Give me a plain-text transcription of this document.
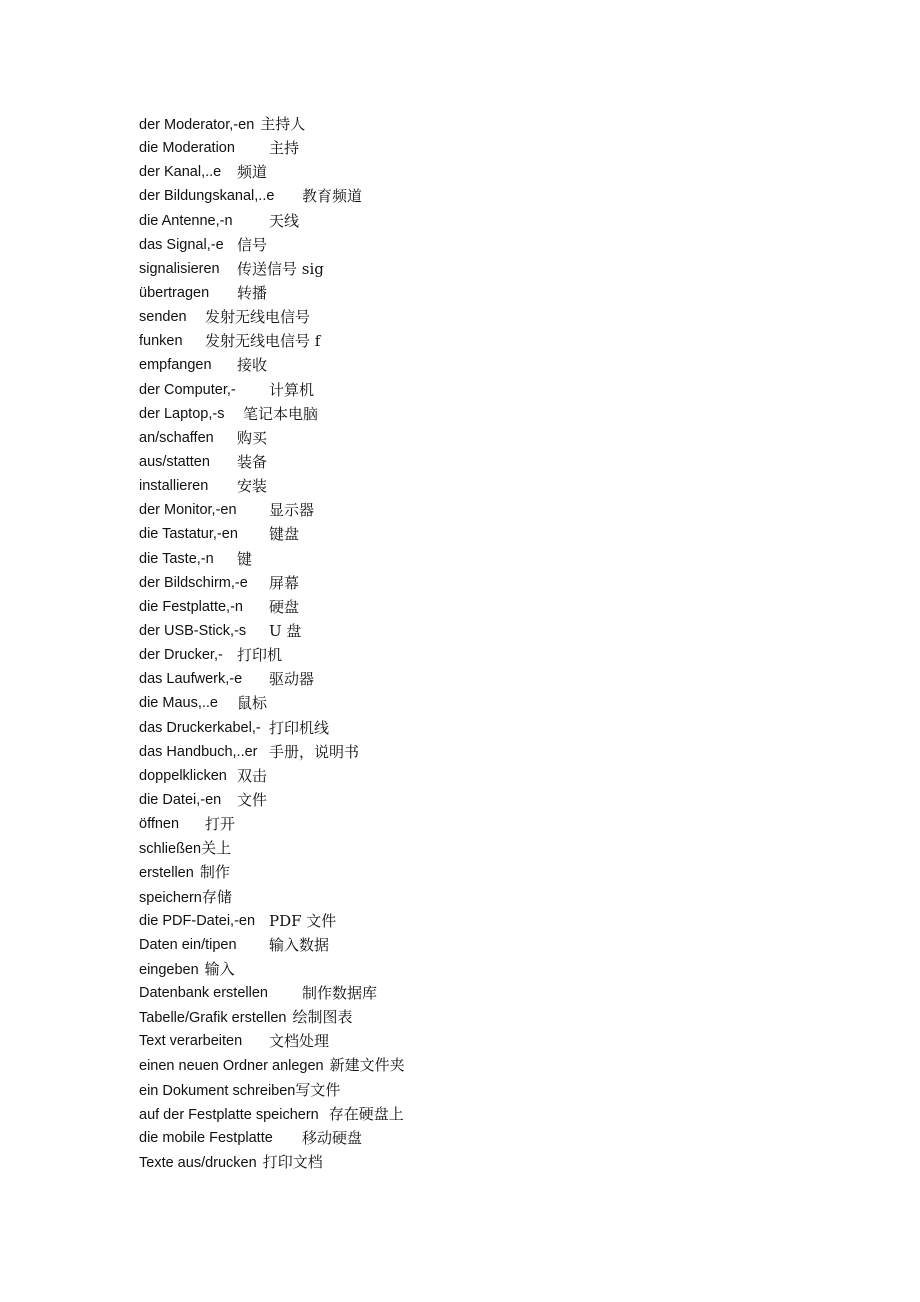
der Moderator,-en 主持人
die Moderation 主持
der Kanal,..e 频道
der Bildungskanal,..e 教育频道
die Antenne,-n 天线
das Signal,-e 信号
signalisieren 传送信号 sig
übertragen 转播
senden 发射无线电信号
funken 发射无线电信号 f
empfangen 接收
der Computer,- 计算机
der Laptop,-s 笔记本电脑
an/schaffen 购买
aus/statten 装备
installieren 安装
der Monitor,-en 显示器
die Tastatur,-en 键盘
die Taste,-n 键
der Bildschirm,-e 屏幕
die Festplatte,-n 硬盘
der USB-Stick,-s U 盘
der Drucker,- 打印机
das Laufwerk,-e 驱动器
die Maus,..e 鼠标
das Druckerkabel,- 打印机线
das Handbuch,..er 手册，说明书
doppelklicken 双击
die Datei,-en 文件
öffnen 打开
schließen关上
erstellen 制作
speichern存储
die PDF-Datei,-en PDF 文件
Daten ein/tipen 输入数据
eingeben 输入
Datenbank erstellen 制作数据库
Tabelle/Grafik erstellen 绘制图表
Text verarbeiten 文档处理
einen neuen Ordner anlegen 新建文件夹
ein Dokument schreiben写文件
auf der Festplatte speichern 存在硬盘上
die mobile Festplatte 移动硬盘
Texte aus/drucken 打印文档
